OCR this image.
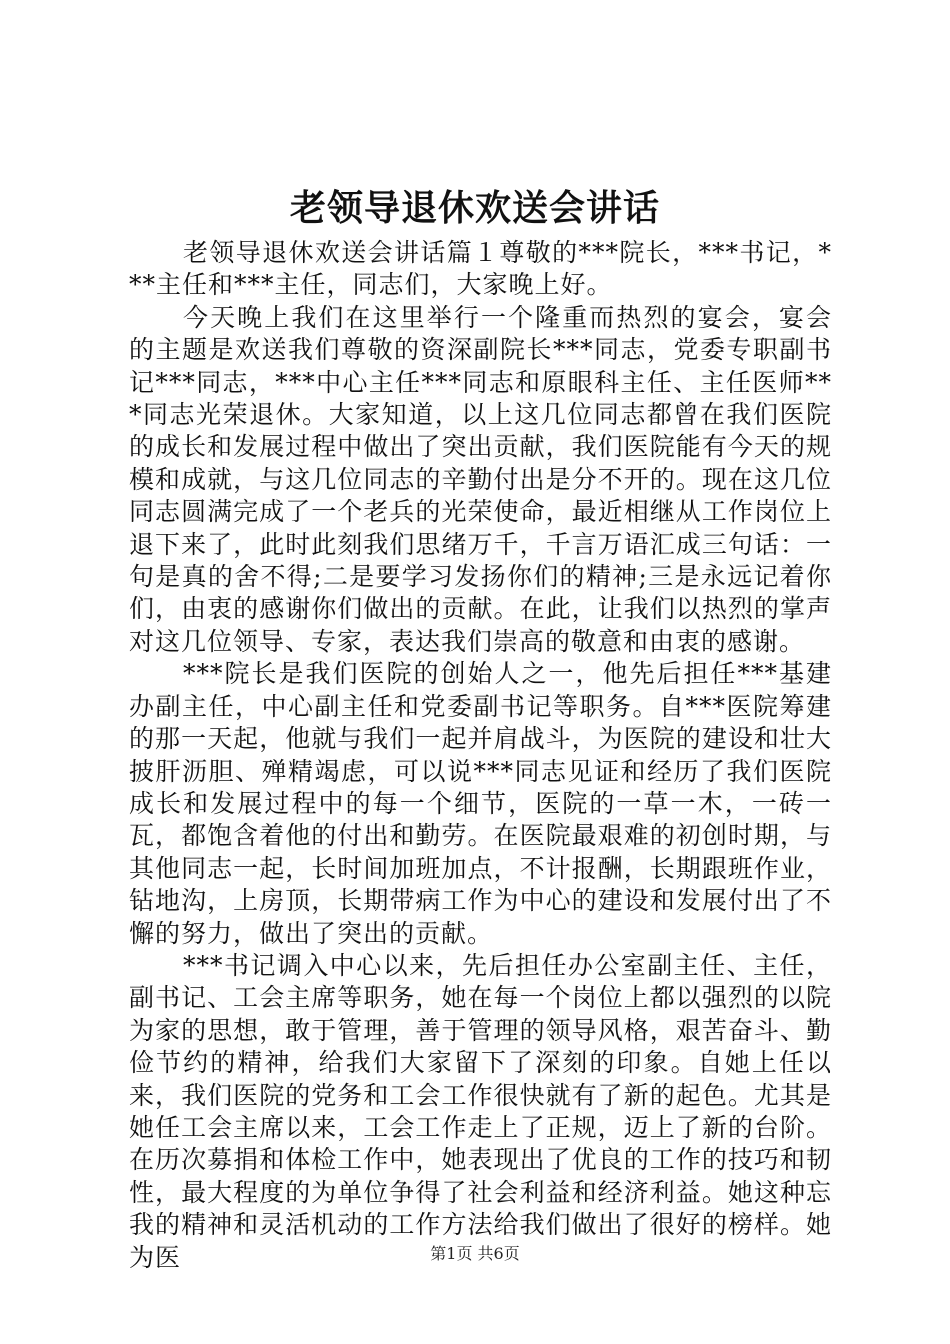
老领导退休欢送会讲话

老领导退休欢送会讲话篇１尊敬的***院长，***书记，***主任和***主任，同志们，大家晚上好。

今天晚上我们在这里举行一个隆重而热烈的宴会，宴会的主题是欢送我们尊敬的资深副院长***同志，党委专职副书记***同志，***中心主任***同志和原眼科主任、主任医师***同志光荣退休。大家知道，以上这几位同志都曾在我们医院的成长和发展过程中做出了突出贡献，我们医院能有今天的规模和成就，与这几位同志的辛勤付出是分不开的。现在这几位同志圆满完成了一个老兵的光荣使命，最近相继从工作岗位上退下来了，此时此刻我们思绪万千，千言万语汇成三句话：一句是真的舍不得;二是要学习发扬你们的精神;三是永远记着你们，由衷的感谢你们做出的贡献。在此，让我们以热烈的掌声对这几位领导、专家，表达我们崇高的敬意和由衷的感谢。

***院长是我们医院的创始人之一，他先后担任***基建办副主任，中心副主任和党委副书记等职务。自***医院筹建的那一天起，他就与我们一起并肩战斗，为医院的建设和壮大披肝沥胆、殚精竭虑，可以说***同志见证和经历了我们医院成长和发展过程中的每一个细节，医院的一草一木，一砖一瓦，都饱含着他的付出和勤劳。在医院最艰难的初创时期，与其他同志一起，长时间加班加点，不计报酬，长期跟班作业，钻地沟，上房顶，长期带病工作为中心的建设和发展付出了不懈的努力，做出了突出的贡献。

***书记调入中心以来，先后担任办公室副主任、主任，副书记、工会主席等职务，她在每一个岗位上都以强烈的以院为家的思想，敢于管理，善于管理的领导风格，艰苦奋斗、勤俭节约的精神，给我们大家留下了深刻的印象。自她上任以来，我们医院的党务和工会工作很快就有了新的起色。尤其是她任工会主席以来，工会工作走上了正规，迈上了新的台阶。在历次募捐和体检工作中，她表现出了优良的工作的技巧和韧性，最大程度的为单位争得了社会利益和经济利益。她这种忘我的精神和灵活机动的工作方法给我们做出了很好的榜样。她为医	第1页 共6页
